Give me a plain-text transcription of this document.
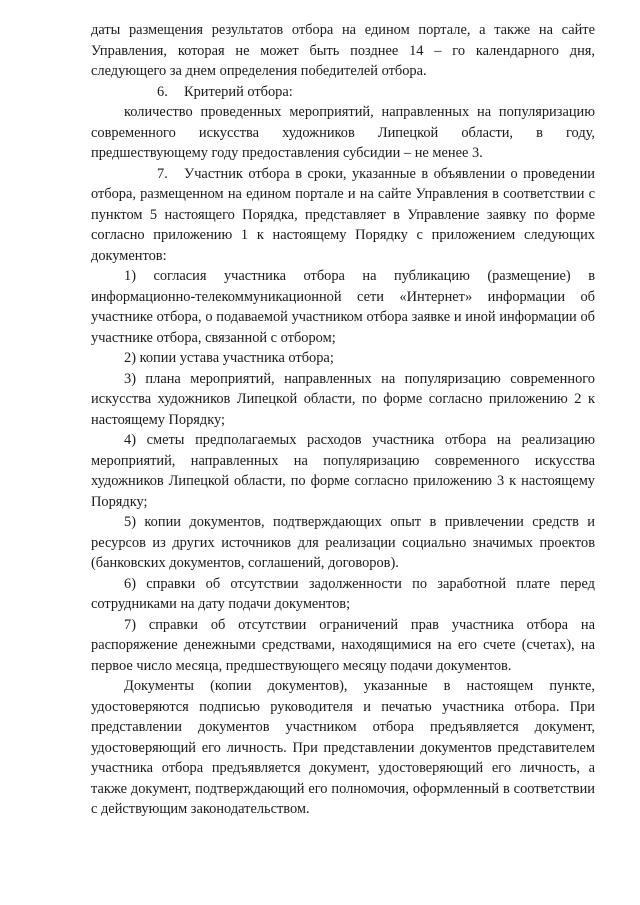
даты размещения результатов отбора на едином портале, а также на сайте Управления, которая не может быть позднее 14 – го календарного дня, следующего за днем определения победителей отбора.

6. Критерий отбора:

количество проведенных мероприятий, направленных на популяризацию современного искусства художников Липецкой области, в году, предшествующему году предоставления субсидии – не менее 3.

7. Участник отбора в сроки, указанные в объявлении о проведении отбора, размещенном на едином портале и на сайте Управления в соответствии с пунктом 5 настоящего Порядка, представляет в Управление заявку по форме согласно приложению 1 к настоящему Порядку с приложением следующих документов:

1) согласия участника отбора на публикацию (размещение) в информационно-телекоммуникационной сети «Интернет» информации об участнике отбора, о подаваемой участником отбора заявке и иной информации об участнике отбора, связанной с отбором;

2) копии устава участника отбора;

3) плана мероприятий, направленных на популяризацию современного искусства художников Липецкой области, по форме согласно приложению 2 к настоящему Порядку;

4) сметы предполагаемых расходов участника отбора на реализацию мероприятий, направленных на популяризацию современного искусства художников Липецкой области, по форме согласно приложению 3 к настоящему Порядку;

5) копии документов, подтверждающих опыт в привлечении средств и ресурсов из других источников для реализации социально значимых проектов (банковских документов, соглашений, договоров).

6) справки об отсутствии задолженности по заработной плате перед сотрудниками на дату подачи документов;

7) справки об отсутствии ограничений прав участника отбора на распоряжение денежными средствами, находящимися на его счете (счетах), на первое число месяца, предшествующего месяцу подачи документов.

Документы (копии документов), указанные в настоящем пункте, удостоверяются подписью руководителя и печатью участника отбора. При представлении документов участником отбора предъявляется документ, удостоверяющий его личность. При представлении документов представителем участника отбора предъявляется документ, удостоверяющий его личность, а также документ, подтверждающий его полномочия, оформленный в соответствии с действующим законодательством.
